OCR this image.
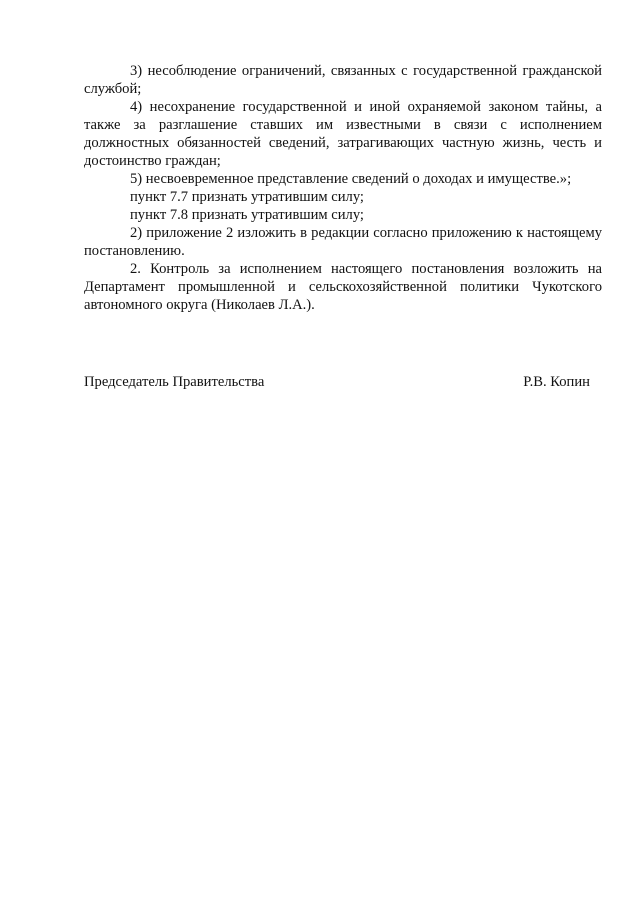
3) несоблюдение ограничений, связанных с государственной гражданской службой;

4) несохранение государственной и иной охраняемой законом тайны, а также за разглашение ставших им известными в связи с исполнением должностных обязанностей сведений, затрагивающих частную жизнь, честь и достоинство граждан;

5) несвоевременное представление сведений о доходах и имуществе.»;

пункт 7.7 признать утратившим силу;

пункт 7.8 признать утратившим силу;

2) приложение 2 изложить в редакции согласно приложению к настоящему постановлению.

2. Контроль за исполнением настоящего постановления возложить на Департамент промышленной и сельскохозяйственной политики Чукотского автономного округа (Николаев Л.А.).

Председатель Правительства	Р.В. Копин
